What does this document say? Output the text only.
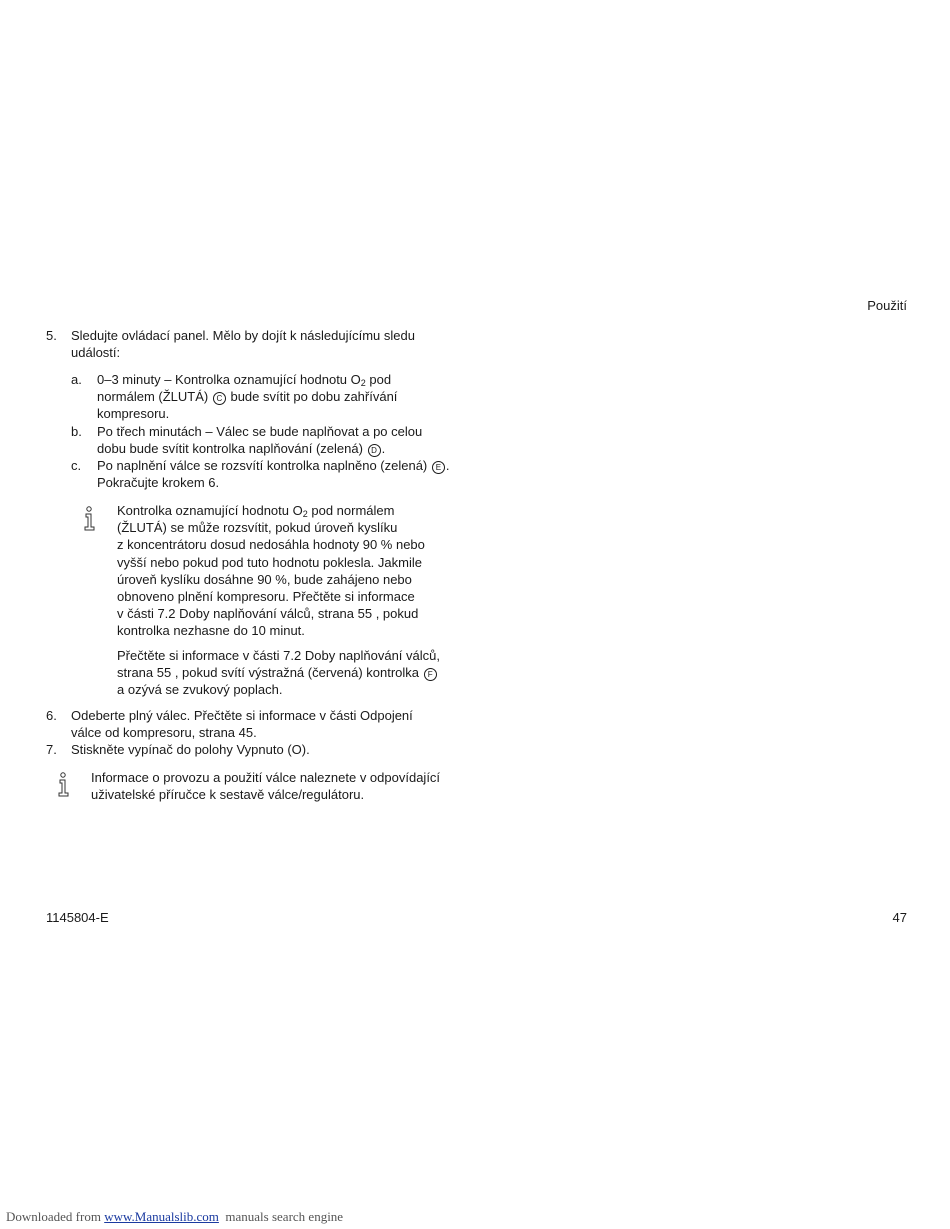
Použití
5. Sledujte ovládací panel. Mělo by dojít k následujícímu sledu
událostí:
a. 0–3 minuty – Kontrolka oznamující hodnotu $O_2$ pod
normálem (ŽLUTÁ) C bude svítit po dobu zahřívání
kompresoru.
b. Po třech minutách – Válec se bude naplňovat a po celou
dobu bude svítit kontrolka naplňování (zelená) D .
c. Po naplnění válce se rozsvítí kontrolka naplněno (zelená) E .
Pokračujte krokem 6.
Kontrolka oznamující hodnotu $O_2$ pod normálem
(ŽLUTÁ) se může rozsvítit, pokud úroveň kyslíku
z koncentrátoru dosud nedosáhla hodnoty 90 % nebo
vyšší nebo pokud pod tuto hodnotu poklesla. Jakmile
úroveň kyslíku dosáhne 90 %, bude zahájeno nebo
obnoveno plnění kompresoru. Přečtěte si informace
v části 7.2 Doby naplňování válců, strana 55 , pokud
kontrolka nezhasne do 10 minut.
Přečtěte si informace v části 7.2 Doby naplňování válců,
strana 55 , pokud svítí výstražná (červená) kontrolka F
a ozývá se zvukový poplach.
6. Odeberte plný válec. Přečtěte si informace v části Odpojení
válce od kompresoru, strana 45.
7. Stiskněte vypínač do polohy Vypnuto (O).
Informace o provozu a použití válce naleznete v odpovídající
uživatelské příručce k sestavě válce/regulátoru.
1145804-E	47
Downloaded from www.Manualslib.com  manuals search engine
